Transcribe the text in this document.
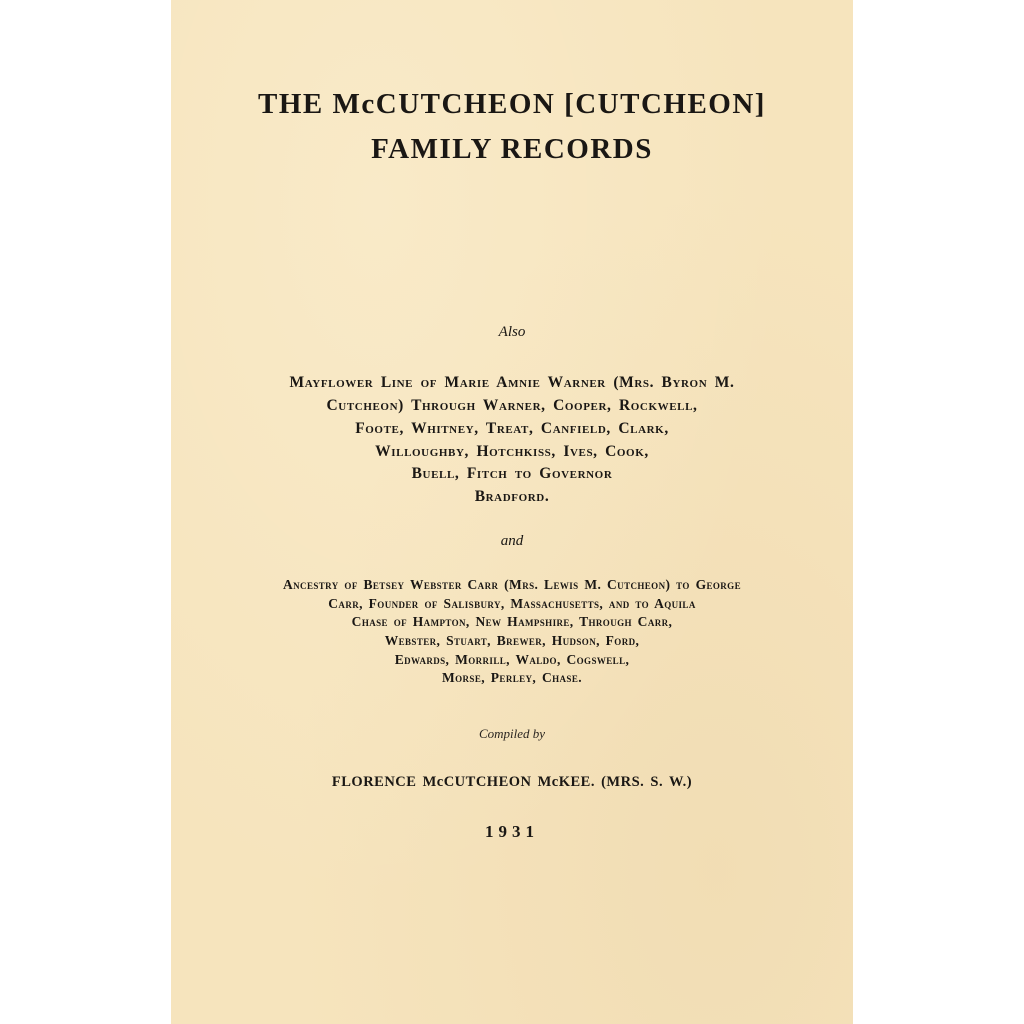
THE McCUTCHEON [CUTCHEON]
FAMILY RECORDS
Also
Mayflower Line of Marie Amnie Warner (Mrs. Byron M.
Cutcheon) Through Warner, Cooper, Rockwell,
Foote, Whitney, Treat, Canfield, Clark,
Willoughby, Hotchkiss, Ives, Cook,
Buell, Fitch to Governor
Bradford.
and
Ancestry of Betsey Webster Carr (Mrs. Lewis M. Cutcheon) to George
Carr, Founder of Salisbury, Massachusetts, and to Aquila
Chase of Hampton, New Hampshire, Through Carr,
Webster, Stuart, Brewer, Hudson, Ford,
Edwards, Morrill, Waldo, Cogswell,
Morse, Perley, Chase.
Compiled by
FLORENCE McCUTCHEON McKEE. (MRS. S. W.)
1931
